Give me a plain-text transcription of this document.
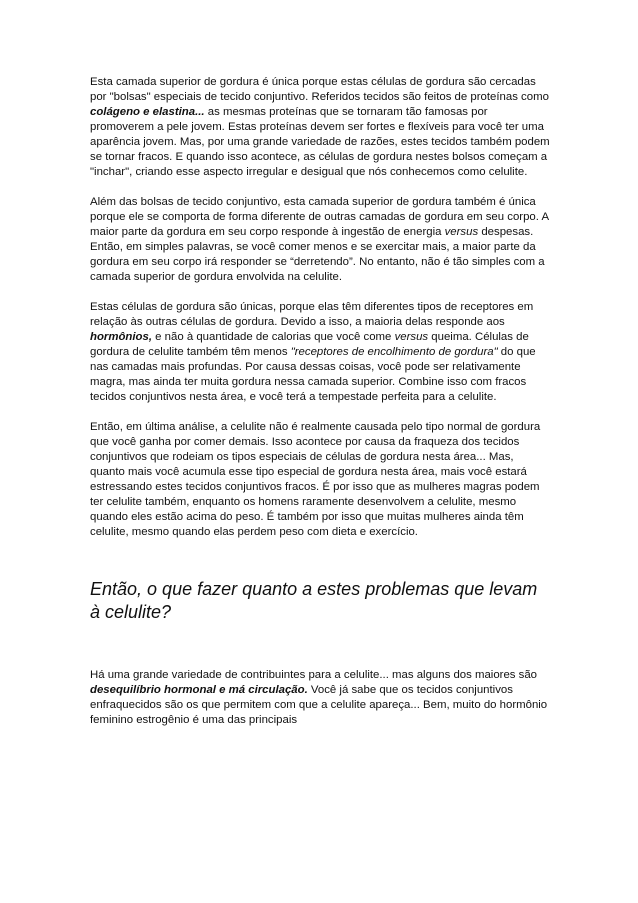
Esta camada superior de gordura é única porque estas células de gordura são cercadas por "bolsas" especiais de tecido conjuntivo. Referidos tecidos são feitos de proteínas como colágeno e elastina... as mesmas proteínas que se tornaram tão famosas por promoverem a pele jovem. Estas proteínas devem ser fortes e flexíveis para você ter uma aparência jovem. Mas, por uma grande variedade de razões, estes tecidos também podem se tornar fracos. E quando isso acontece, as células de gordura nestes bolsos começam a "inchar", criando esse aspecto irregular e desigual que nós conhecemos como celulite.

Além das bolsas de tecido conjuntivo, esta camada superior de gordura também é única porque ele se comporta de forma diferente de outras camadas de gordura em seu corpo. A maior parte da gordura em seu corpo responde à ingestão de energia versus despesas. Então, em simples palavras, se você comer menos e se exercitar mais, a maior parte da gordura em seu corpo irá responder se “derretendo”. No entanto, não é tão simples com a camada superior de gordura envolvida na celulite.

Estas células de gordura são únicas, porque elas têm diferentes tipos de receptores em relação às outras células de gordura. Devido a isso, a maioria delas responde aos hormônios, e não à quantidade de calorias que você come versus queima. Células de gordura de celulite também têm menos "receptores de encolhimento de gordura" do que nas camadas mais profundas. Por causa dessas coisas, você pode ser relativamente magra, mas ainda ter muita gordura nessa camada superior. Combine isso com fracos tecidos conjuntivos nesta área, e você terá a tempestade perfeita para a celulite.

Então, em última análise, a celulite não é realmente causada pelo tipo normal de gordura que você ganha por comer demais. Isso acontece por causa da fraqueza dos tecidos conjuntivos que rodeiam os tipos especiais de células de gordura nesta área... Mas, quanto mais você acumula esse tipo especial de gordura nesta área, mais você estará estressando estes tecidos conjuntivos fracos. É por isso que as mulheres magras podem ter celulite também, enquanto os homens raramente desenvolvem a celulite, mesmo quando eles estão acima do peso. É também por isso que muitas mulheres ainda têm celulite, mesmo quando elas perdem peso com dieta e exercício.

Então, o que fazer quanto a estes problemas que levam à celulite?

Há uma grande variedade de contribuintes para a celulite... mas alguns dos maiores são desequilíbrio hormonal e má circulação. Você já sabe que os tecidos conjuntivos enfraquecidos são os que permitem com que a celulite apareça... Bem, muito do hormônio feminino estrogênio é uma das principais
